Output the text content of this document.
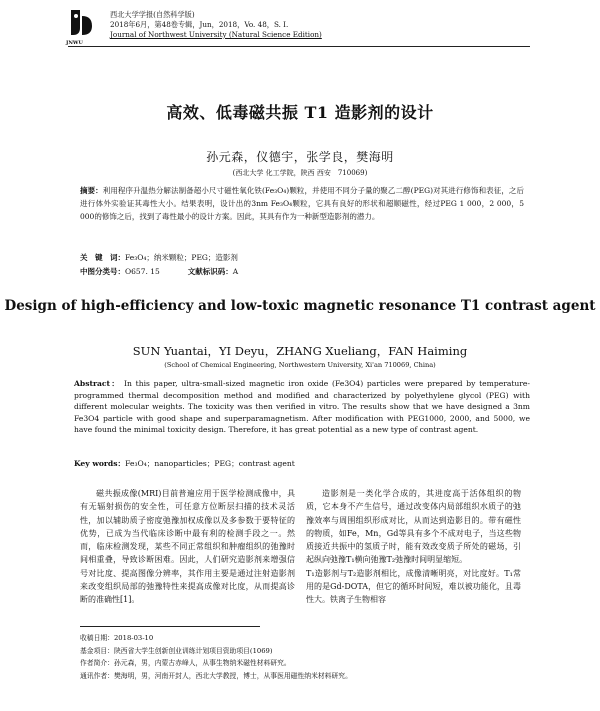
JNWU
西北大学学报(自然科学版)
2018年6月，第48卷专辑，Jun，2018，Vo. 48，S. I.
Journal of Northwest University (Natural Science Edition)
高效、低毒磁共振 T1 造影剂的设计
孙元森，仪德宇，张学良，樊海明
(西北大学 化工学院，陕西 西安　710069)
摘要：利用程序升温热分解法制备超小尺寸磁性氧化铁(Fe₃O₄)颗粒，并使用不同分子量的聚乙二醇(PEG)对其进行修饰和表征，之后进行体外实验证其毒性大小。结果表明，设计出的3nm Fe₃O₄颗粒，它具有良好的形状和超顺磁性，经过PEG 1 000，2 000，5 000的修饰之后，找到了毒性最小的设计方案。因此，其具有作为一种新型造影剂的潜力。
关　键　词：Fe₃O₄；纳米颗粒；PEG；造影剂
中图分类号：O657. 15	文献标识码：A
Design of high-efficiency and low-toxic magnetic resonance T1 contrast agent
SUN Yuantai，YI Deyu，ZHANG Xueliang，FAN Haiming
(School of Chemical Engineering, Northwestern University, Xi'an 710069, China)
Abstract： In this paper, ultra-small-sized magnetic iron oxide (Fe3O4) particles were prepared by temperature-programmed thermal decomposition method and modified and characterized by polyethylene glycol (PEG) with different molecular weights. The toxicity was then verified in vitro. The results show that we have designed a 3nm Fe3O4 particle with good shape and superparamagnetism. After modification with PEG1000, 2000, and 5000, we have found the minimal toxicity design. Therefore, it has great potential as a new type of contrast agent.
Key words：Fe₃O₄；nanoparticles；PEG；contrast agent
磁共振成像(MRI)目前普遍应用于医学检测成像中，具有无辐射损伤的安全性，可任意方位断层扫描的技术灵活性，加以辅助质子密度弛豫加权成像以及多参数于要特征的优势，已成为当代临床诊断中最有利的检测手段之一。然而，临床检测发现，某些不同正常组织和肿瘤组织的弛豫时间相重叠，导致诊断困难。因此，人们研究造影剂来增强信号对比度、提高图像分辨率，其作用主要是通过注射造影剂来改变组织局部的弛豫特性来提高成像对比度，从而提高诊断的准确性[1]。
造影剂是一类化学合成的，其进度高于活体组织的物质，它本身不产生信号，通过改变体内局部组织水质子的弛豫效率与周围组织形成对比，从而达到造影目的。带有磁性的物质，如Fe，Mn，Gd等具有多个不成对电子，当这些物质接近共振中的氢质子时，能有效改变质子所处的磁场，引起纵向弛豫T₁横向弛豫T₂弛豫时间明显缩短。
T₁造影剂与T₂造影剂相比，成像清晰明亮，对比度好。T₁常用的是Gd-DOTA，但它的循环时间短，难以被功能化，且毒性大。铁离子生物相容
收稿日期：2018-03-10
基金项目：陕西省大学生创新创业训练计划项目资助项目(1069)
作者简介：孙元森，男，内蒙古赤峰人，从事生物纳米磁性材料研究。
通讯作者：樊海明，男，河南开封人，西北大学教授，博士，从事医用磁性纳米材料研究。
